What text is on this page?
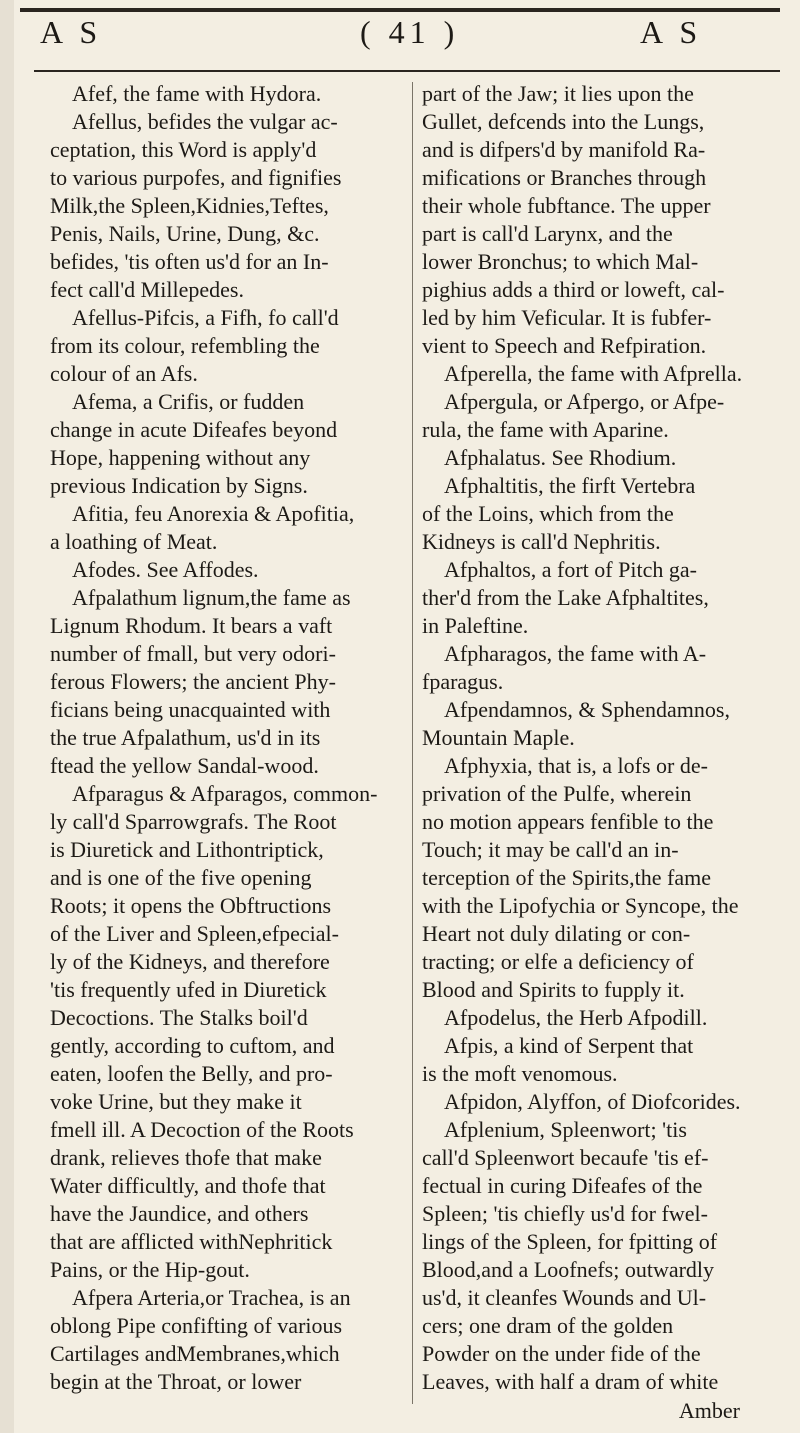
A S	( 41 )	A S
Afef, the fame with Hydora.
Afellus, befides the vulgar ac-
ceptation, this Word is apply'd
to various purpofes, and fignifies
Milk,the Spleen,Kidnies,Teftes,
Penis, Nails, Urine, Dung, &c.
befides, 'tis often us'd for an In-
fect call'd Millepedes.
Afellus-Pifcis, a Fifh, fo call'd
from its colour, refembling the
colour of an Afs.
Afema, a Crifis, or fudden
change in acute Difeafes beyond
Hope, happening without any
previous Indication by Signs.
Afitia, feu Anorexia & Apofitia,
a loathing of Meat.
Afodes. See Affodes.
Afpalathum lignum,the fame as
Lignum Rhodum. It bears a vaft
number of fmall, but very odori-
ferous Flowers; the ancient Phy-
ficians being unacquainted with
the true Afpalathum, us'd in its
ftead the yellow Sandal-wood.
Afparagus & Afparagos, common-
ly call'd Sparrowgrafs. The Root
is Diuretick and Lithontriptick,
and is one of the five opening
Roots; it opens the Obftructions
of the Liver and Spleen,efpecial-
ly of the Kidneys, and therefore
'tis frequently ufed in Diuretick
Decoctions. The Stalks boil'd
gently, according to cuftom, and
eaten, loofen the Belly, and pro-
voke Urine, but they make it
fmell ill. A Decoction of the Roots
drank, relieves thofe that make
Water difficultly, and thofe that
have the Jaundice, and others
that are afflicted withNephritick
Pains, or the Hip-gout.
Afpera Arteria,or Trachea, is an
oblong Pipe confifting of various
Cartilages andMembranes,which
begin at the Throat, or lower
part of the Jaw; it lies upon the
Gullet, defcends into the Lungs,
and is difpers'd by manifold Ra-
mifications or Branches through
their whole fubftance. The upper
part is call'd Larynx, and the
lower Bronchus; to which Mal-
pighius adds a third or loweft, cal-
led by him Veficular. It is fubfer-
vient to Speech and Refpiration.
Afperella, the fame with Afprella.
Afpergula, or Afpergo, or Afpe-
rula, the fame with Aparine.
Afphalatus. See Rhodium.
Afphaltitis, the firft Vertebra
of the Loins, which from the
Kidneys is call'd Nephritis.
Afphaltos, a fort of Pitch ga-
ther'd from the Lake Afphaltites,
in Paleftine.
Afpharagos, the fame with A-
fparagus.
Afpendamnos, & Sphendamnos,
Mountain Maple.
Afphyxia, that is, a lofs or de-
privation of the Pulfe, wherein
no motion appears fenfible to the
Touch; it may be call'd an in-
terception of the Spirits,the fame
with the Lipofychia or Syncope, the
Heart not duly dilating or con-
tracting; or elfe a deficiency of
Blood and Spirits to fupply it.
Afpodelus, the Herb Afpodill.
Afpis, a kind of Serpent that
is the moft venomous.
Afpidon, Alyffon, of Diofcorides.
Afplenium, Spleenwort; 'tis
call'd Spleenwort becaufe 'tis ef-
fectual in curing Difeafes of the
Spleen; 'tis chiefly us'd for fwel-
lings of the Spleen, for fpitting of
Blood,and a Loofnefs; outwardly
us'd, it cleanfes Wounds and Ul-
cers; one dram of the golden
Powder on the under fide of the
Leaves, with half a dram of white
Amber
